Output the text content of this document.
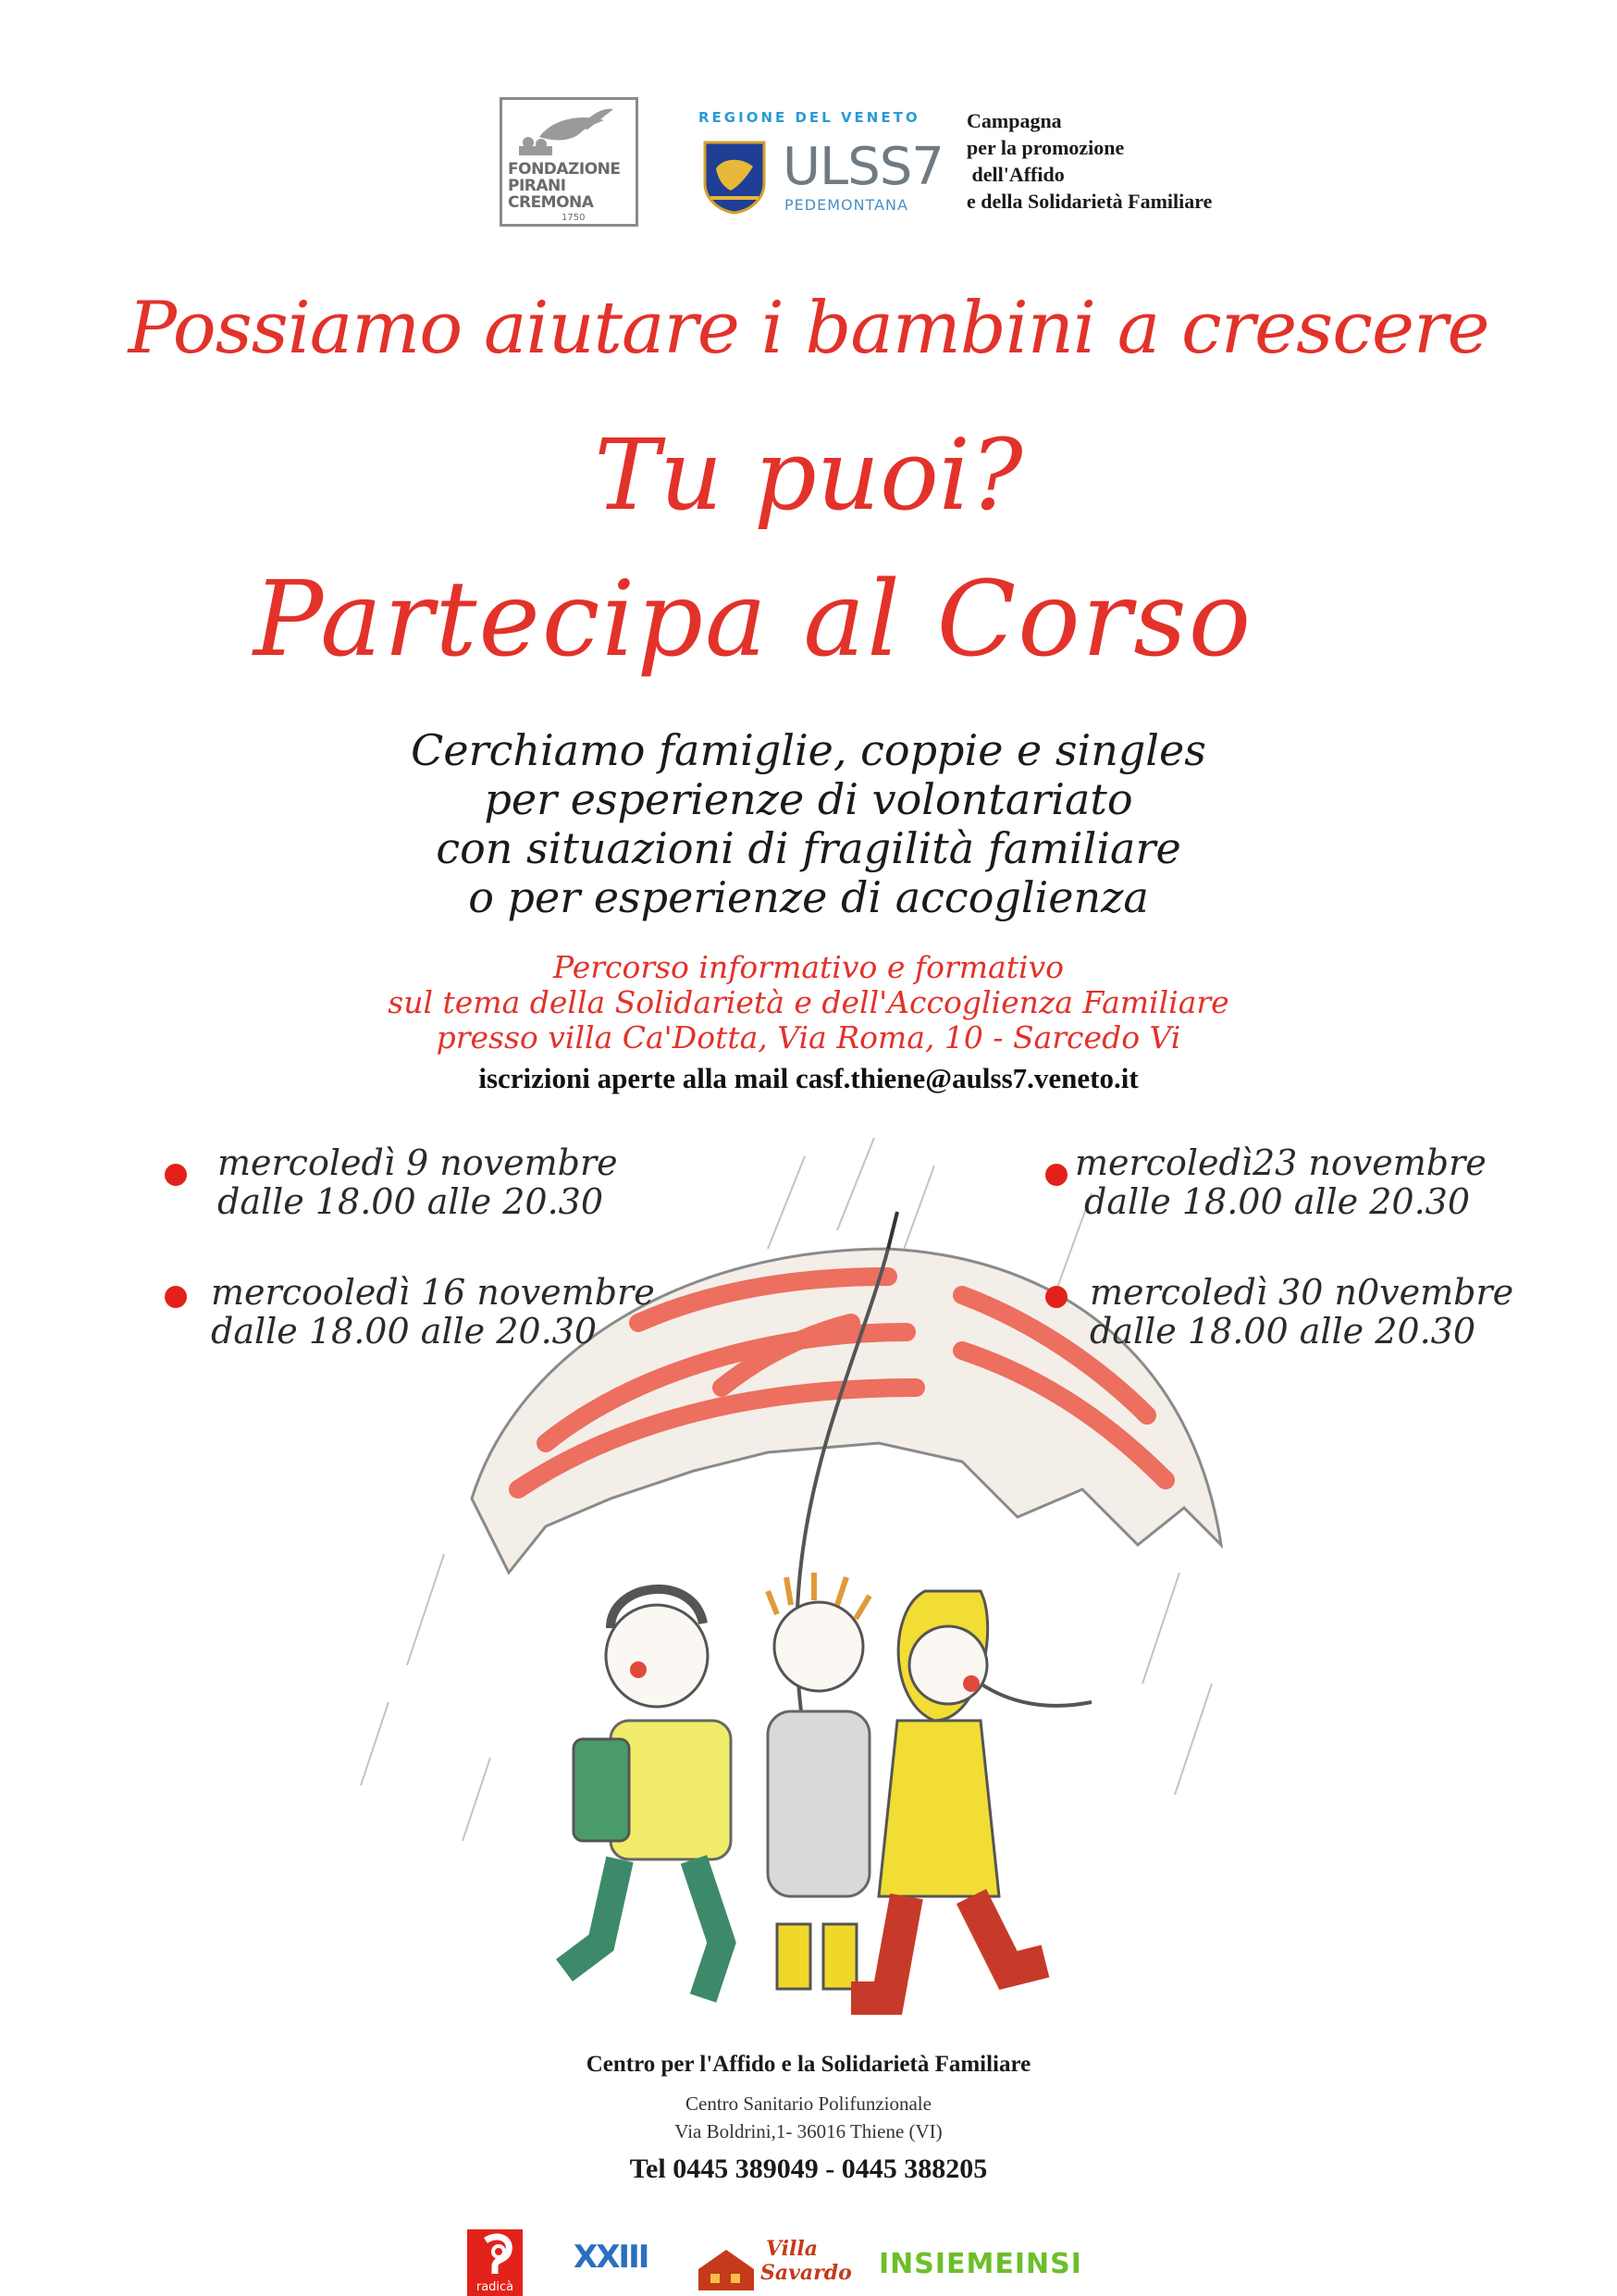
FONDAZIONE
PIRANI
CREMONA
1750
REGIONE DEL VENETO
ULSS7
PEDEMONTANA
Campagna
per la promozione
dell'Affido
e della Solidarietà Familiare
Possiamo aiutare i bambini a crescere
Tu puoi?
Partecipa al Corso
Cerchiamo famiglie, coppie e singles
per esperienze di volontariato
con situazioni di fragilità familiare
o per esperienze di accoglienza
Percorso informativo e formativo
sul tema della Solidarietà e dell'Accoglienza Familiare
presso villa Ca'Dotta, Via Roma, 10 - Sarcedo Vi
iscrizioni aperte alla mail casf.thiene@aulss7.veneto.it
mercoledì 9 novembre
dalle 18.00 alle 20.30
mercooledì 16 novembre
dalle 18.00 alle 20.30
mercoledì23 novembre
dalle 18.00 alle 20.30
mercoledì 30 n0vembre
dalle 18.00 alle 20.30
Centro per l'Affido e la Solidarietà Familiare
Centro Sanitario Polifunzionale
Via Boldrini,1- 36016 Thiene (VI)
Tel 0445 389049 - 0445 388205
radicà
XXIII	Villa
Savardo INSIEMEINSI
